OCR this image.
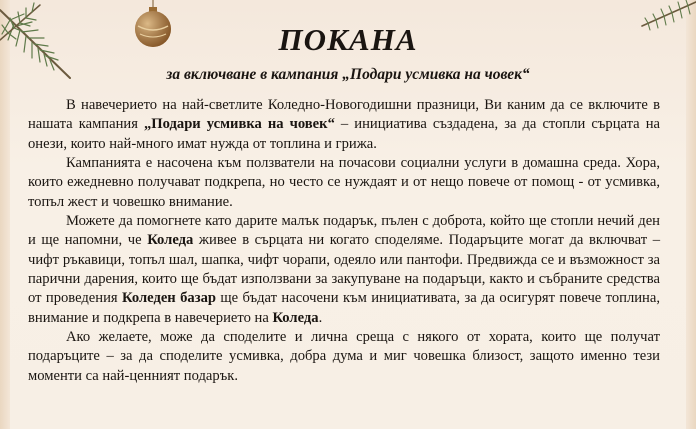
ПОКАНА

за включване в кампания „Подари усмивка на човек“

В навечерието на най-светлите Коледно-Новогодишни празници, Ви каним да се включите в нашата кампания „Подари усмивка на човек“ – инициатива създадена, за да стопли сърцата на онези, които най-много имат нужда от топлина и грижа.

Кампанията е насочена към ползватели на почасови социални услуги в домашна среда. Хора, които ежедневно получават подкрепа, но често се нуждаят и от нещо повече от помощ - от усмивка, топъл жест и човешко внимание.

Можете да помогнете като дарите малък подарък, пълен с доброта, който ще стопли нечий ден и ще напомни, че Коледа живее в сърцата ни когато споделяме. Подаръците могат да включват – чифт ръкавици, топъл шал, шапка, чифт чорапи, одеяло или пантофи. Предвижда се и възможност за парични дарения, които ще бъдат използвани за закупуване на подаръци, както и събраните средства от проведения Коледен базар ще бъдат насочени към инициативата, за да осигурят повече топлина, внимание и подкрепа в навечерието на Коледа.

Ако желаете, може да споделите и лична среща с някого от хората, които ще получат подаръците – за да споделите усмивка, добра дума и миг човешка близост, защото именно тези моменти са най-ценният подарък.
